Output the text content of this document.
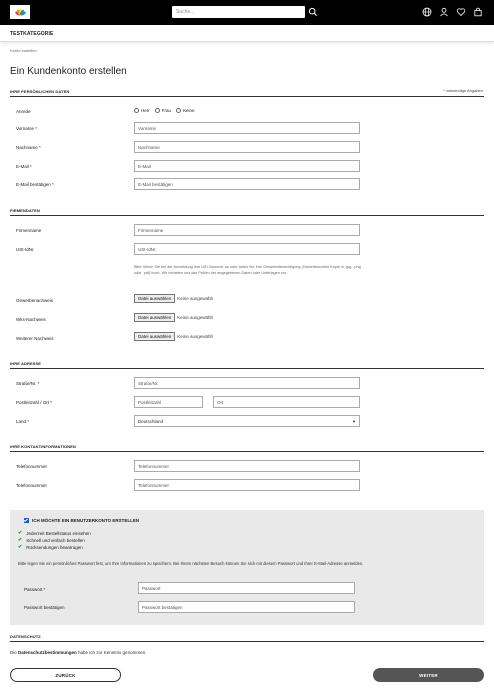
Suche...
TESTKATEGORIE
Konto erstellen
Ein Kundenkonto erstellen
IHRE PERSÖNLICHEN DATEN	* notwendige Angaben
Anrede	Herr	Frau	Keine
Vorname *	Vorname
Nachname *	Nachname
E-Mail *	E-Mail
E-Mail bestätigen *	E-Mail bestätigen
FIRMENDATEN
Firmenname	Firmenname
USt-IdNr.	USt-IdNr.
Bitte führen Sie bei der Anmeldung Ihre UID-Nummer an oder laden Sie Ihre Gewerbeberechtigung (Gewerbeschein Kopie in .jpg, .png oder .pdf) hoch. Wir behalten uns das Prüfen der angegebenen Daten oder Unterlagen vor.
Gewerbenachweis	Datei auswählen	Keine ausgewählt
Wks-Nachweis	Datei auswählen	Keine ausgewählt
Weiterer Nachweis	Datei auswählen	Keine ausgewählt
IHRE ADRESSE
Straße/Nr. *	Straße/Nr.
Postleitzahl / Ort *	Postleitzahl	Ort
Land *	Deutschland	▼
IHRE KONTAKTINFORMATIONEN
Telefonnummer	Telefonnummer
Telefonnummer	Telefonnummer
ICH MÖCHTE EIN BENUTZERKONTO ERSTELLEN
✔ Jederzeit Bestellstatus einsehen
✔ Schnell und einfach bestellen
✔ Rücksendungen beantragen
Bitte legen Sie ein persönliches Passwort fest, um Ihre Informationen zu speichern. Bei Ihrem nächsten Besuch können Sie sich mit diesem Passwort und Ihrer E-Mail-Adresse anmelden.
Passwort *	Passwort
Passwort bestätigen	Passwort bestätigen
DATENSCHUTZ
Die Datenschutzbestimmungen habe ich zur Kenntnis genommen.
ZURÜCK	WEITER
